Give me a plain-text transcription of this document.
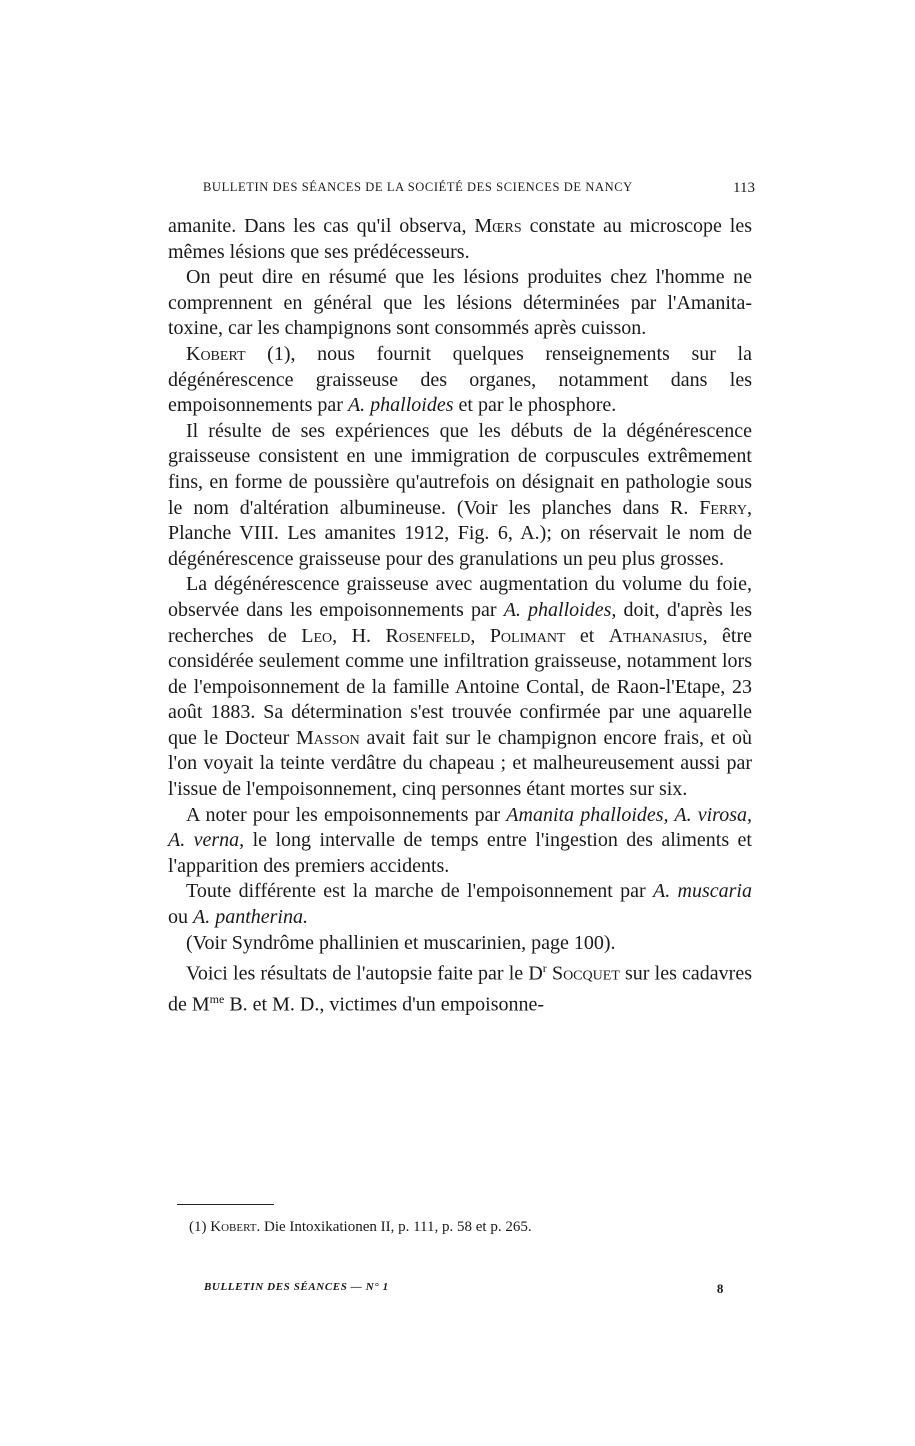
BULLETIN DES SÉANCES DE LA SOCIÉTÉ DES SCIENCES DE NANCY	113

amanite. Dans les cas qu'il observa, Mœrs constate au microscope les mêmes lésions que ses prédécesseurs.

On peut dire en résumé que les lésions produites chez l'homme ne comprennent en général que les lésions déterminées par l'Amanita-toxine, car les champignons sont consommés après cuisson.

Kobert (1), nous fournit quelques renseignements sur la dégénérescence graisseuse des organes, notamment dans les empoisonnements par A. phalloides et par le phosphore.

Il résulte de ses expériences que les débuts de la dégénérescence graisseuse consistent en une immigration de corpuscules extrêmement fins, en forme de poussière qu'autrefois on désignait en pathologie sous le nom d'altération albumineuse. (Voir les planches dans R. Ferry, Planche VIII. Les amanites 1912, Fig. 6, A.); on réservait le nom de dégénérescence graisseuse pour des granulations un peu plus grosses.

La dégénérescence graisseuse avec augmentation du volume du foie, observée dans les empoisonnements par A. phalloides, doit, d'après les recherches de Leo, H. Rosenfeld, Polimant et Athanasius, être considérée seulement comme une infiltration graisseuse, notamment lors de l'empoisonnement de la famille Antoine Contal, de Raon-l'Etape, 23 août 1883. Sa détermination s'est trouvée confirmée par une aquarelle que le Docteur Masson avait fait sur le champignon encore frais, et où l'on voyait la teinte verdâtre du chapeau ; et malheureusement aussi par l'issue de l'empoisonnement, cinq personnes étant mortes sur six.

A noter pour les empoisonnements par Amanita phalloides, A. virosa, A. verna, le long intervalle de temps entre l'ingestion des aliments et l'apparition des premiers accidents.

Toute différente est la marche de l'empoisonnement par A. muscaria ou A. pantherina.

(Voir Syndrôme phallinien et muscarinien, page 100).

Voici les résultats de l'autopsie faite par le $D^r$ Socquet sur les cadavres de $M^{me}$ B. et M. D., victimes d'un empoisonne-

(1) Kobert. Die Intoxikationen II, p. 111, p. 58 et p. 265.
BULLETIN DES SÉANCES — N° 1	8
